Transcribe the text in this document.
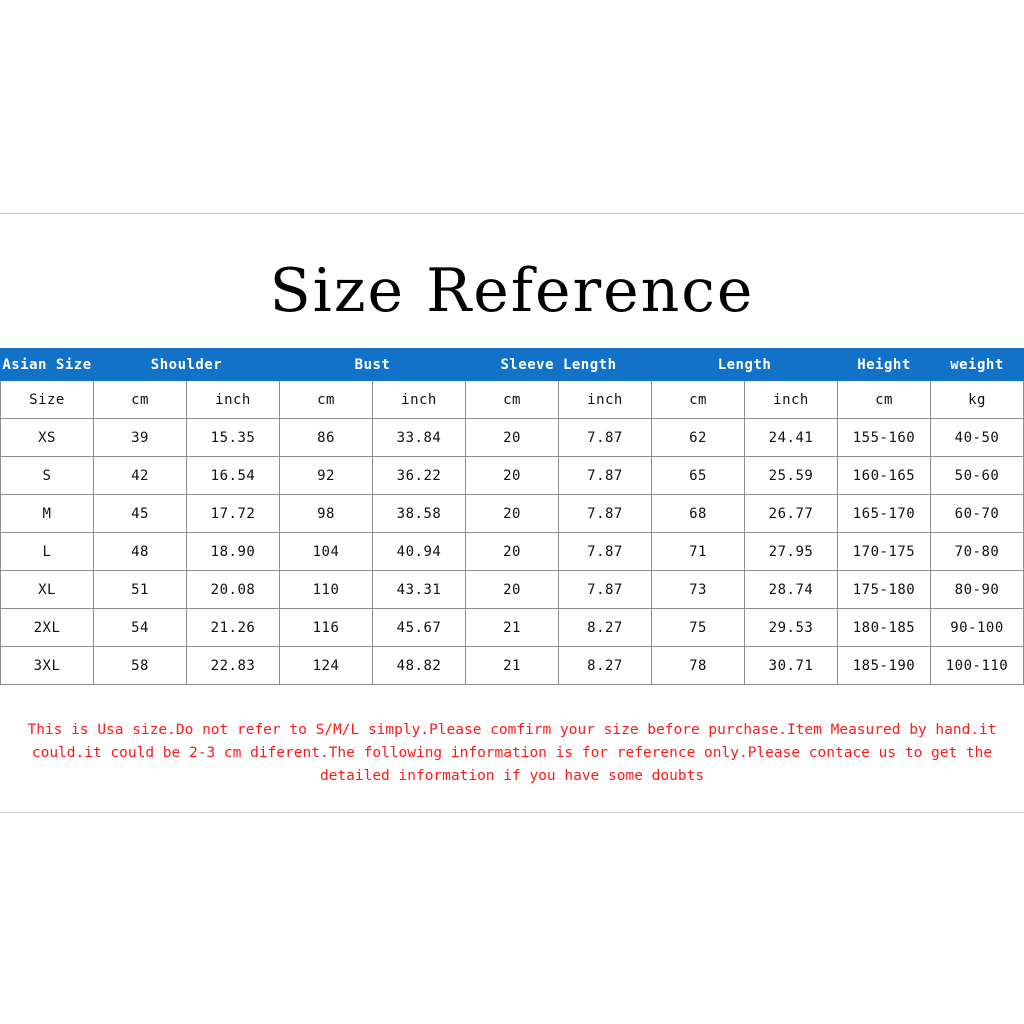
Size Reference
Asian Size	Shoulder		Bust		Sleeve Length		Length		Height	weight
Size	cm	inch	cm	inch	cm	inch	cm	inch	cm	kg
XS	39	15.35	86	33.84	20	7.87	62	24.41	155-160	40-50
S	42	16.54	92	36.22	20	7.87	65	25.59	160-165	50-60
M	45	17.72	98	38.58	20	7.87	68	26.77	165-170	60-70
L	48	18.90	104	40.94	20	7.87	71	27.95	170-175	70-80
XL	51	20.08	110	43.31	20	7.87	73	28.74	175-180	80-90
2XL	54	21.26	116	45.67	21	8.27	75	29.53	180-185	90-100
3XL	58	22.83	124	48.82	21	8.27	78	30.71	185-190	100-110
This is Usa size.Do not refer to S/M/L simply.Please comfirm your size before purchase.Item Measured by hand.it could.it could be 2-3 cm diferent.The following information is for reference only.Please contace us to get the detailed information if you have some doubts
